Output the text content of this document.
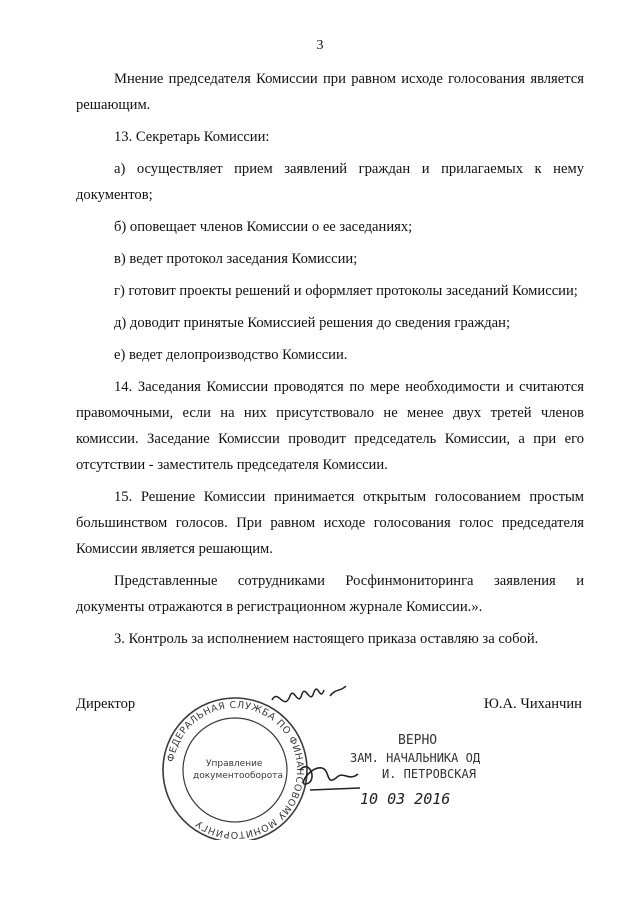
3

Мнение председателя Комиссии при равном исходе голосования является решающим.

13. Секретарь Комиссии:

а) осуществляет прием заявлений граждан и прилагаемых к нему документов;

б) оповещает членов Комиссии о ее заседаниях;

в) ведет протокол заседания Комиссии;

г) готовит проекты решений и оформляет протоколы заседаний Комиссии;

д) доводит принятые Комиссией решения до сведения граждан;

е) ведет делопроизводство Комиссии.

14. Заседания Комиссии проводятся по мере необходимости и считаются правомочными, если на них присутствовало не менее двух третей членов комиссии. Заседание Комиссии проводит председатель Комиссии, а при его отсутствии - заместитель председателя Комиссии.

15. Решение Комиссии принимается открытым голосованием простым большинством голосов. При равном исходе голосования голос председателя Комиссии является решающим.

Представленные сотрудниками Росфинмониторинга заявления и документы отражаются в регистрационном журнале Комиссии.».

3. Контроль за исполнением настоящего приказа оставляю за собой.

Директор	Ю.А. Чиханчин
ФЕДЕРАЛЬНАЯ СЛУЖБА ПО ФИНАНСОВОМУ МОНИТОРИНГУ
Управление
документооборота
ВЕРНО
ЗАМ. НАЧАЛЬНИКА ОД
И. ПЕТРОВСКАЯ
10 03 2016
